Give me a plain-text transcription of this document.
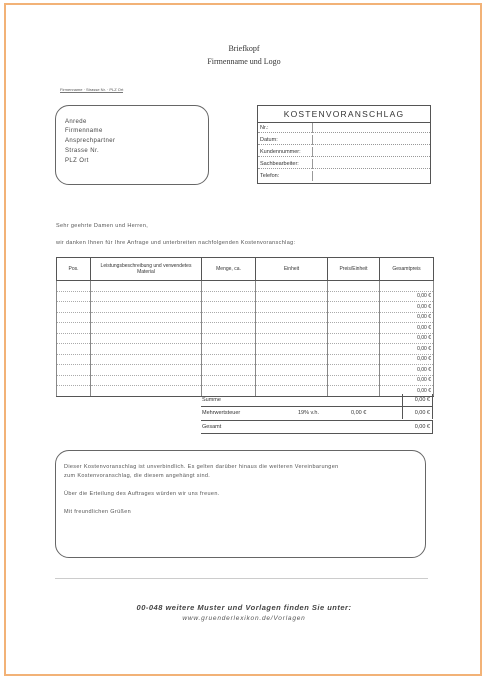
Briefkopf
Firmenname und Logo
Firmenname · Strasse Nr. · PLZ Ort
Anrede
Firmenname
Ansprechpartner
Strasse Nr.
PLZ Ort
KOSTENVORANSCHLAG
Nr.:
Datum:
Kundennummer:
Sachbearbeiter:
Telefon:
Sehr geehrte Damen und Herren,
wir danken Ihnen für Ihre Anfrage und unterbreiten nachfolgenden Kostenvoranschlag:
Pos.	Leistungsbeschreibung und verwendetes Material	Menge, ca.	Einheit	Preis/Einheit	Gesamtpreis

					0,00 €
					0,00 €
					0,00 €
					0,00 €
					0,00 €
					0,00 €
					0,00 €
					0,00 €
					0,00 €
					0,00 €
Summe	0,00 €
Mehrwertsteuer	19% v.h.	0,00 €	0,00 €
Gesamt	0,00 €
Dieser Kostenvoranschlag ist unverbindlich. Es gelten darüber hinaus die weiteren Vereinbarungen
zum Kostenvoranschlag, die diesem angehängt sind.
Über die Erteilung des Auftrages würden wir uns freuen.
Mit freundlichen Grüßen
00-048 weitere Muster und Vorlagen finden Sie unter:
www.gruenderlexikon.de/Vorlagen
